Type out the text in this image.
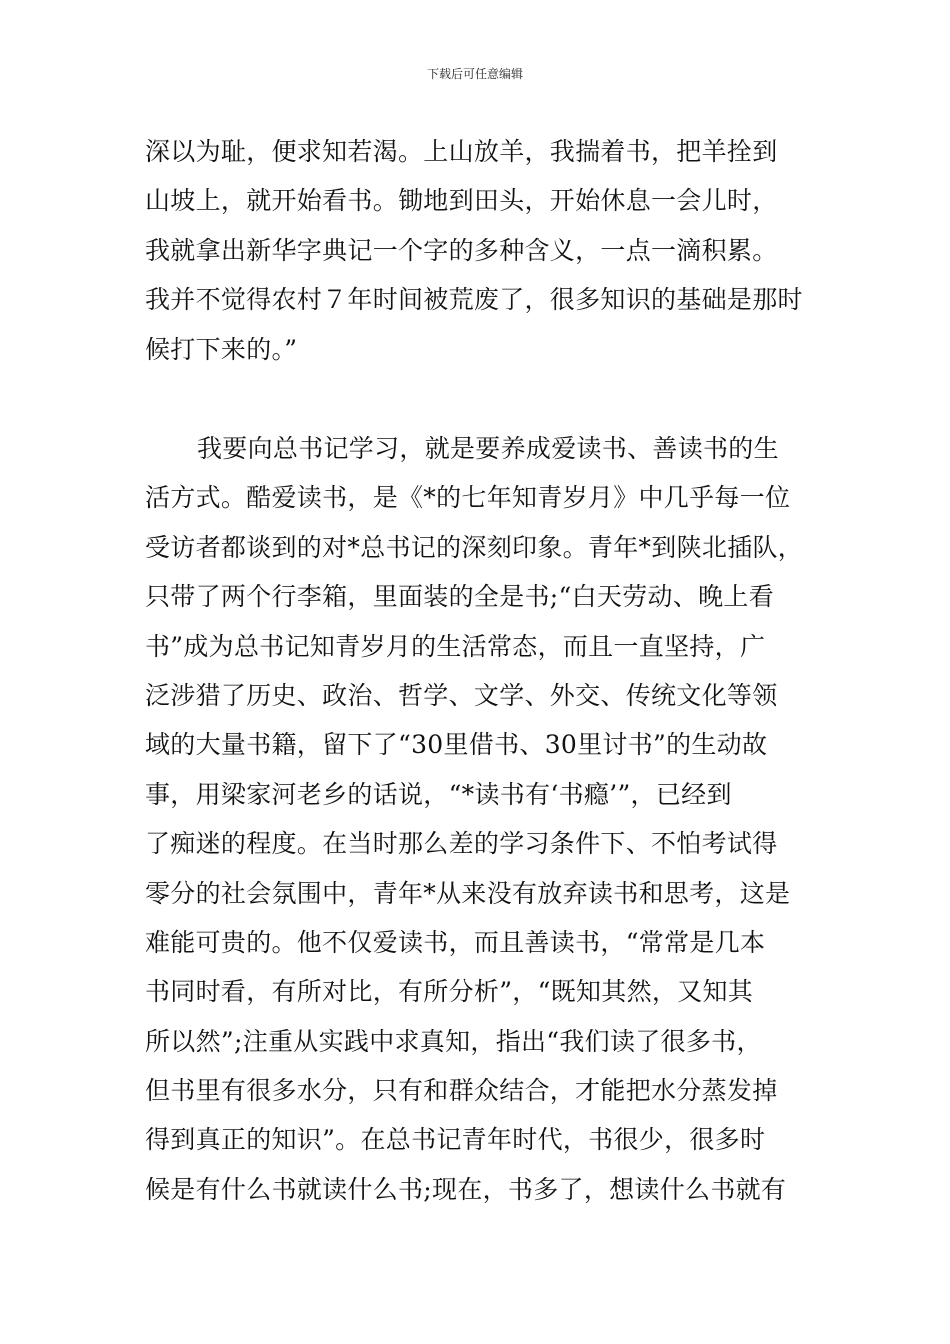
下载后可任意编辑
深以为耻，便求知若渴。上山放羊，我揣着书，把羊拴到
山坡上，就开始看书。锄地到田头，开始休息一会儿时，
我就拿出新华字典记一个字的多种含义，一点一滴积累。
我并不觉得农村７年时间被荒废了，很多知识的基础是那时
候打下来的。”
我要向总书记学习，就是要养成爱读书、善读书的生
活方式。酷爱读书，是《*的七年知青岁月》中几乎每一位
受访者都谈到的对*总书记的深刻印象。青年*到陕北插队，
只带了两个行李箱，里面装的全是书;“白天劳动、晚上看
书”成为总书记知青岁月的生活常态，而且一直坚持，广
泛涉猎了历史、政治、哲学、文学、外交、传统文化等领
域的大量书籍，留下了“30里借书、30里讨书”的生动故
事，用梁家河老乡的话说，“*读书有‘书瘾’”，已经到
了痴迷的程度。在当时那么差的学习条件下、不怕考试得
零分的社会氛围中，青年*从来没有放弃读书和思考，这是
难能可贵的。他不仅爱读书，而且善读书，“常常是几本
书同时看，有所对比，有所分析”，“既知其然，又知其
所以然”;注重从实践中求真知，指出“我们读了很多书，
但书里有很多水分，只有和群众结合，才能把水分蒸发掉
得到真正的知识”。在总书记青年时代，书很少，很多时
候是有什么书就读什么书;现在，书多了，想读什么书就有
